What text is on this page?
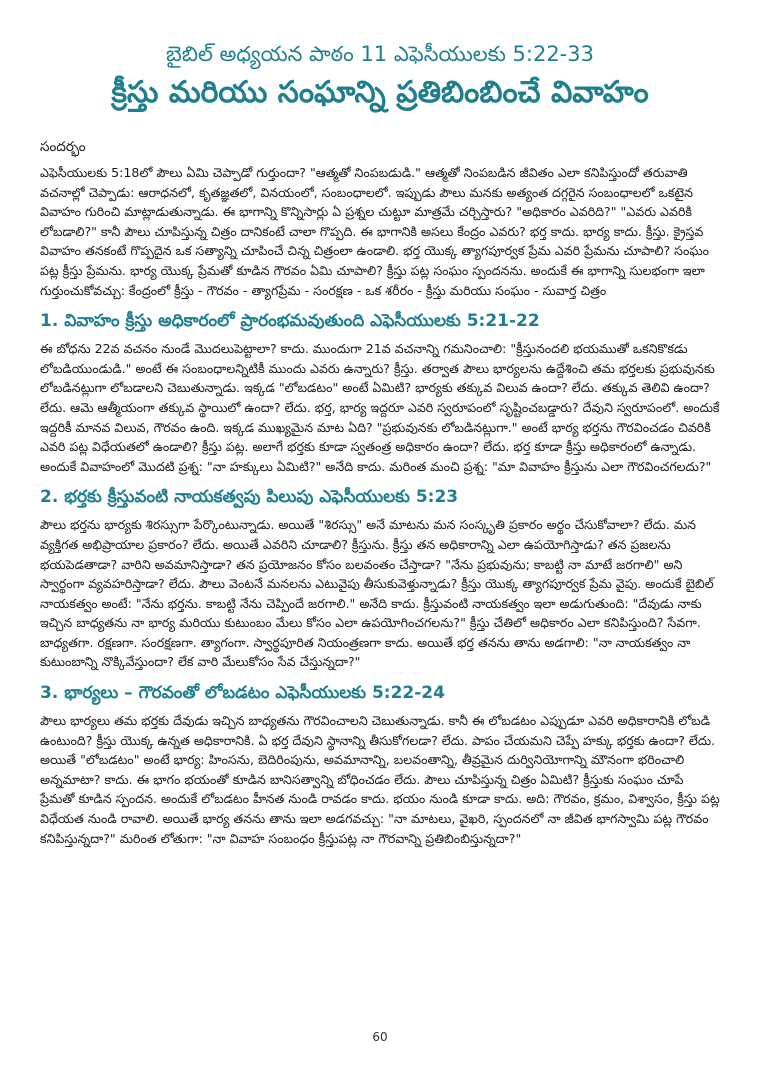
బైబిల్ అధ్యయన పాఠం 11 ఎఫెసీయులకు 5:22-33
క్రీస్తు మరియు సంఘాన్ని ప్రతిబింబించే వివాహం
సందర్భం

ఎఫెసీయులకు 5:18లో పౌలు ఏమి చెప్పాడో గుర్తుందా? "ఆత్మతో నింపబడుడి." ఆత్మతో నింపబడిన జీవితం ఎలా కనిపిస్తుందో తరువాతి వచనాల్లో చెప్పాడు: ఆరాధనలో, కృతజ్ఞతలో, వినయంలో, సంబంధాలలో. ఇప్పుడు పౌలు మనకు అత్యంత దగ్గరైన సంబంధాలలో ఒకటైన వివాహం గురించి మాట్లాడుతున్నాడు. ఈ భాగాన్ని కొన్నిసార్లు ఏ ప్రశ్నల చుట్టూ మాత్రమే చర్చిస్తారు? "అధికారం ఎవరిది?" "ఎవరు ఎవరికి లోబడాలి?" కానీ పౌలు చూపిస్తున్న చిత్రం దానికంటే చాలా గొప్పది. ఈ భాగానికి అసలు కేంద్రం ఎవరు? భర్త కాదు. భార్య కాదు. క్రీస్తు. క్రైస్తవ వివాహం తనకంటే గొప్పదైన ఒక సత్యాన్ని చూపించే చిన్న చిత్రంలా ఉండాలి. భర్త యొక్క త్యాగపూర్వక ప్రేమ ఎవరి ప్రేమను చూపాలి? సంఘం పట్ల క్రీస్తు ప్రేమను. భార్య యొక్క ప్రేమతో కూడిన గౌరవం ఏమి చూపాలి? క్రీస్తు పట్ల సంఘం స్పందనను. అందుకే ఈ భాగాన్ని సులభంగా ఇలా గుర్తుంచుకోవచ్చు: కేంద్రంలో క్రీస్తు - గౌరవం - త్యాగప్రేమ - సంరక్షణ - ఒక శరీరం - క్రీస్తు మరియు సంఘం - సువార్త చిత్రం

1. వివాహం క్రీస్తు అధికారంలో ప్రారంభమవుతుంది ఎఫెసీయులకు 5:21-22

ఈ బోధను 22వ వచనం నుండే మొదలుపెట్టాలా? కాదు. ముందుగా 21వ వచనాన్ని గమనించాలి: "క్రీస్తునందలి భయముతో ఒకనికొకడు లోబడియుండుడి." అంటే ఈ సంబంధాలన్నిటికీ ముందు ఎవరు ఉన్నారు? క్రీస్తు. తర్వాత పౌలు భార్యలను ఉద్దేశించి తమ భర్తలకు ప్రభువునకు లోబడినట్లుగా లోబడాలని చెబుతున్నాడు. ఇక్కడ "లోబడటం" అంటే ఏమిటి? భార్యకు తక్కువ విలువ ఉందా? లేదు. తక్కువ తెలివి ఉందా? లేదు. ఆమె ఆత్మీయంగా తక్కువ స్థాయిలో ఉందా? లేదు. భర్త, భార్య ఇద్దరూ ఎవరి స్వరూపంలో సృష్టించబడ్డారు? దేవుని స్వరూపంలో. అందుకే ఇద్దరికీ మానవ విలువ, గౌరవం ఉంది. ఇక్కడ ముఖ్యమైన మాట ఏది? "ప్రభువునకు లోబడినట్లుగా." అంటే భార్య భర్తను గౌరవించడం చివరికి ఎవరి పట్ల విధేయతలో ఉండాలి? క్రీస్తు పట్ల. అలాగే భర్తకు కూడా స్వతంత్ర అధికారం ఉందా? లేదు. భర్త కూడా క్రీస్తు అధికారంలో ఉన్నాడు. అందుకే వివాహంలో మొదటి ప్రశ్న: "నా హక్కులు ఏమిటి?" అనేది కాదు. మరింత మంచి ప్రశ్న: "మా వివాహం క్రీస్తును ఎలా గౌరవించగలదు?"

2. భర్తకు క్రీస్తువంటి నాయకత్వపు పిలుపు ఎఫెసీయులకు 5:23

పౌలు భర్తను భార్యకు శిరస్సుగా పేర్కొంటున్నాడు. అయితే "శిరస్సు" అనే మాటను మన సంస్కృతి ప్రకారం అర్థం చేసుకోవాలా? లేదు. మన వ్యక్తిగత అభిప్రాయాల ప్రకారం? లేదు. అయితే ఎవరిని చూడాలి? క్రీస్తును. క్రీస్తు తన అధికారాన్ని ఎలా ఉపయోగిస్తాడు? తన ప్రజలను భయపెడతాడా? వారిని అవమానిస్తాడా? తన ప్రయోజనం కోసం బలవంతం చేస్తాడా? "నేను ప్రభువును; కాబట్టి నా మాటే జరగాలి" అని స్వార్థంగా వ్యవహరిస్తాడా? లేదు. పౌలు వెంటనే మనలను ఎటువైపు తీసుకువెళ్తున్నాడు? క్రీస్తు యొక్క త్యాగపూర్వక ప్రేమ వైపు. అందుకే బైబిల్ నాయకత్వం అంటే: "నేను భర్తను. కాబట్టి నేను చెప్పిందే జరగాలి." అనేది కాదు. క్రీస్తువంటి నాయకత్వం ఇలా అడుగుతుంది: "దేవుడు నాకు ఇచ్చిన బాధ్యతను నా భార్య మరియు కుటుంబం మేలు కోసం ఎలా ఉపయోగించగలను?" క్రీస్తు చేతిలో అధికారం ఎలా కనిపిస్తుంది? సేవగా. బాధ్యతగా. రక్షణగా. సంరక్షణగా. త్యాగంగా. స్వార్థపూరిత నియంత్రణగా కాదు. అయితే భర్త తనను తాను అడగాలి: "నా నాయకత్వం నా కుటుంబాన్ని నొక్కివేస్తుందా? లేక వారి మేలుకోసం సేవ చేస్తున్నదా?"

3. భార్యలు – గౌరవంతో లోబడటం ఎఫెసీయులకు 5:22-24

పౌలు భార్యలు తమ భర్తకు దేవుడు ఇచ్చిన బాధ్యతను గౌరవించాలని చెబుతున్నాడు. కానీ ఈ లోబడటం ఎప్పుడూ ఎవరి అధికారానికి లోబడి ఉంటుంది? క్రీస్తు యొక్క ఉన్నత అధికారానికి. ఏ భర్త దేవుని స్థానాన్ని తీసుకోగలడా? లేదు. పాపం చేయమని చెప్పే హక్కు భర్తకు ఉందా? లేదు. అయితే "లోబడటం" అంటే భార్య: హింసను, బెదిరింపును, అవమానాన్ని, బలవంతాన్ని, తీవ్రమైన దుర్వినియోగాన్ని మౌనంగా భరించాలి అన్నమాటా? కాదు. ఈ భాగం భయంతో కూడిన బానిసత్వాన్ని బోధించడం లేదు. పౌలు చూపిస్తున్న చిత్రం ఏమిటి? క్రీస్తుకు సంఘం చూపే ప్రేమతో కూడిన స్పందన. అందుకే లోబడటం హీనత నుండి రావడం కాదు. భయం నుండి కూడా కాదు. అది: గౌరవం, క్రమం, విశ్వాసం, క్రీస్తు పట్ల విధేయత నుండి రావాలి. అయితే భార్య తనను తాను ఇలా అడగవచ్చు: "నా మాటలు, వైఖరి, స్పందనలో నా జీవిత భాగస్వామి పట్ల గౌరవం కనిపిస్తున్నదా?" మరింత లోతుగా: "నా వివాహ సంబంధం క్రీస్తుపట్ల నా గౌరవాన్ని ప్రతిబింబిస్తున్నదా?"

60
